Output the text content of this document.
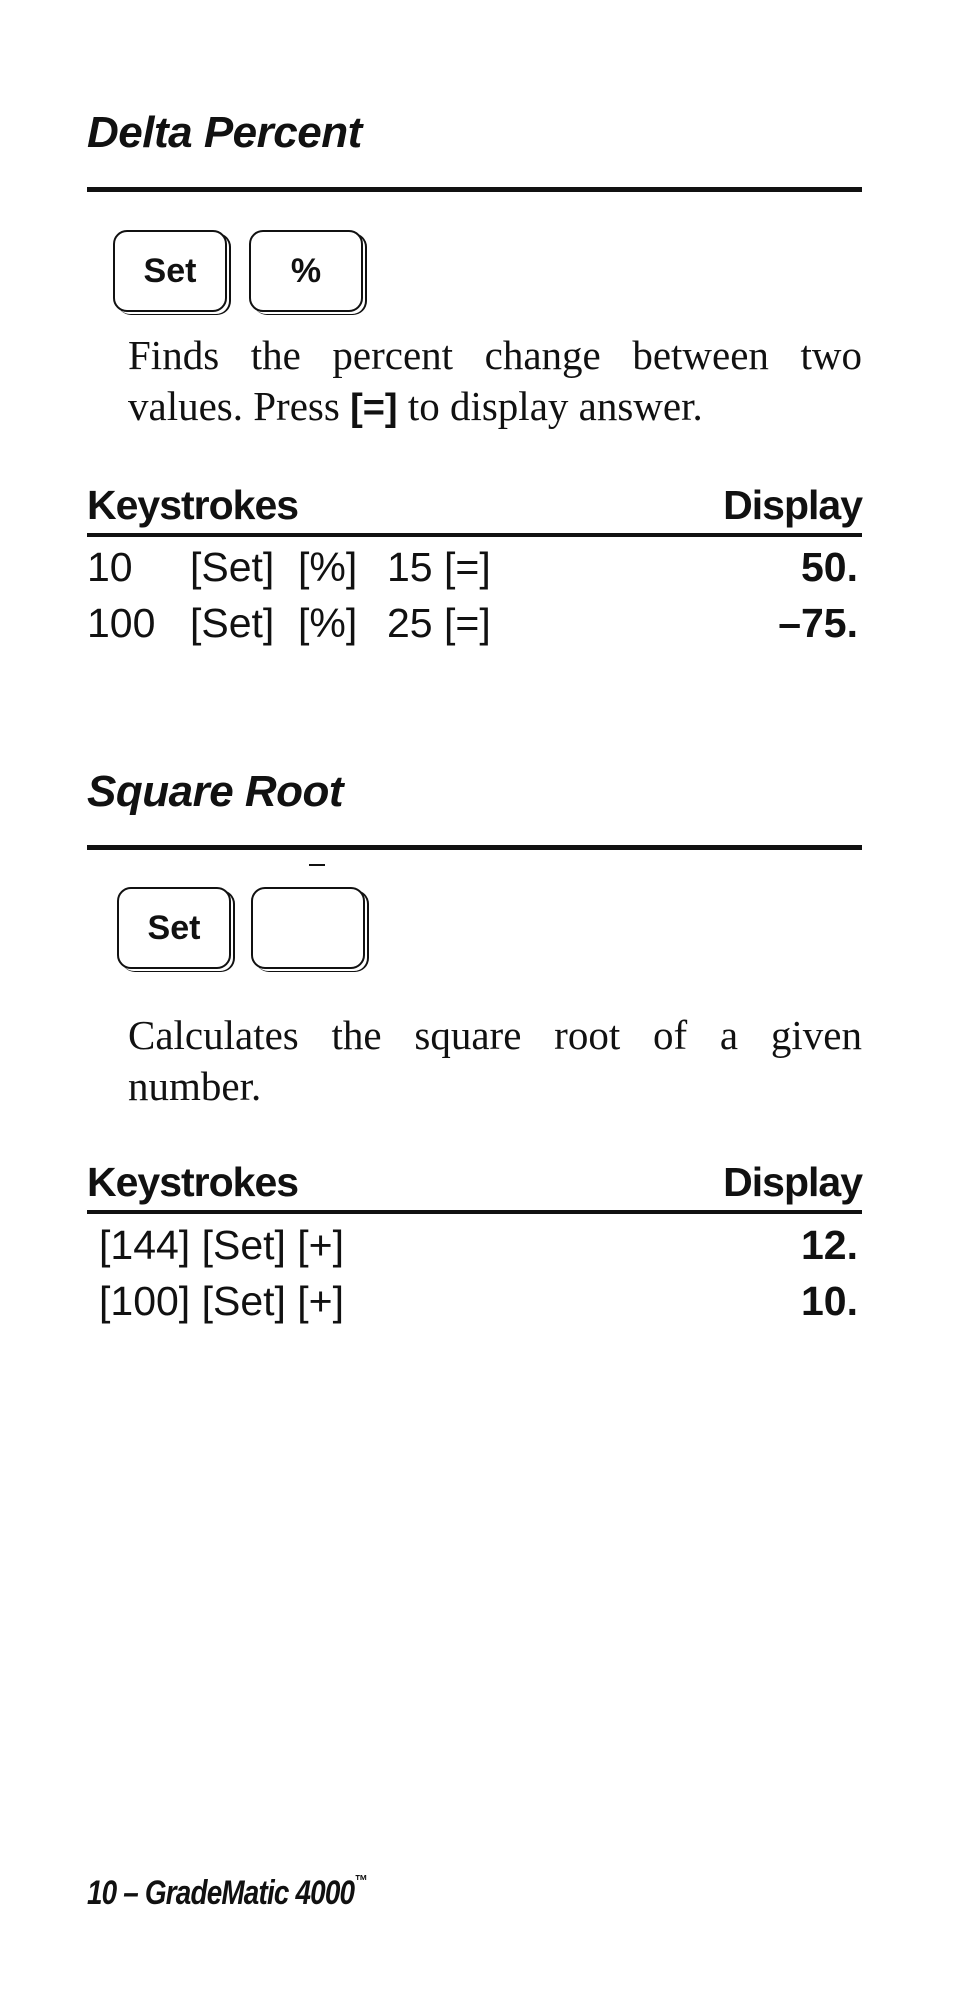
Delta Percent
Set	%

Finds the percent change between two values. Press [=] to display answer.

Keystrokes	Display
10 [Set] [%] 15 [=]	50.
100 [Set] [%] 25 [=]	–75.
Square Root
Set

Calculates the square root of a given number.

Keystrokes	Display
[144] [Set] [+]	12.
[100] [Set] [+]	10.
10 – GradeMatic 4000™
